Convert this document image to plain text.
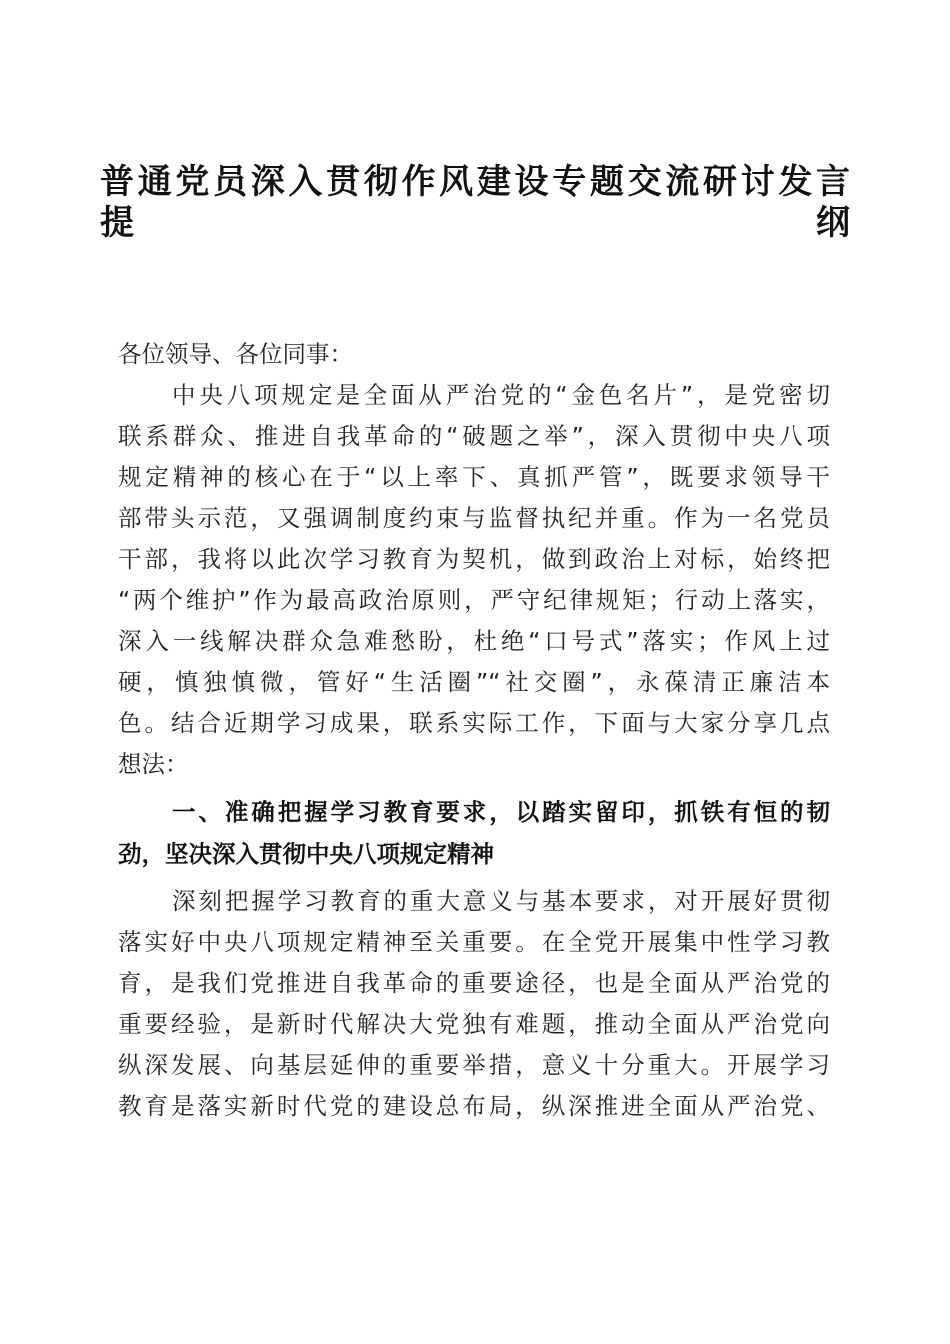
普通党员深入贯彻作风建设专题交流研讨发言
提纲
各位领导、各位同事：
中央八项规定是全面从严治党的“金色名片”，是党密切
联系群众、推进自我革命的“破题之举”，深入贯彻中央八项
规定精神的核心在于“以上率下、真抓严管”，既要求领导干
部带头示范，又强调制度约束与监督执纪并重。作为一名党员
干部，我将以此次学习教育为契机，做到政治上对标，始终把
“两个维护”作为最高政治原则，严守纪律规矩；行动上落实，
深入一线解决群众急难愁盼，杜绝“口号式”落实；作风上过
硬，慎独慎微，管好“生活圈”“社交圈”，永葆清正廉洁本
色。结合近期学习成果，联系实际工作，下面与大家分享几点
想法：
一、准确把握学习教育要求，以踏实留印，抓铁有恒的韧
劲，坚决深入贯彻中央八项规定精神
深刻把握学习教育的重大意义与基本要求，对开展好贯彻
落实好中央八项规定精神至关重要。在全党开展集中性学习教
育，是我们党推进自我革命的重要途径，也是全面从严治党的
重要经验，是新时代解决大党独有难题，推动全面从严治党向
纵深发展、向基层延伸的重要举措，意义十分重大。开展学习
教育是落实新时代党的建设总布局，纵深推进全面从严治党、
